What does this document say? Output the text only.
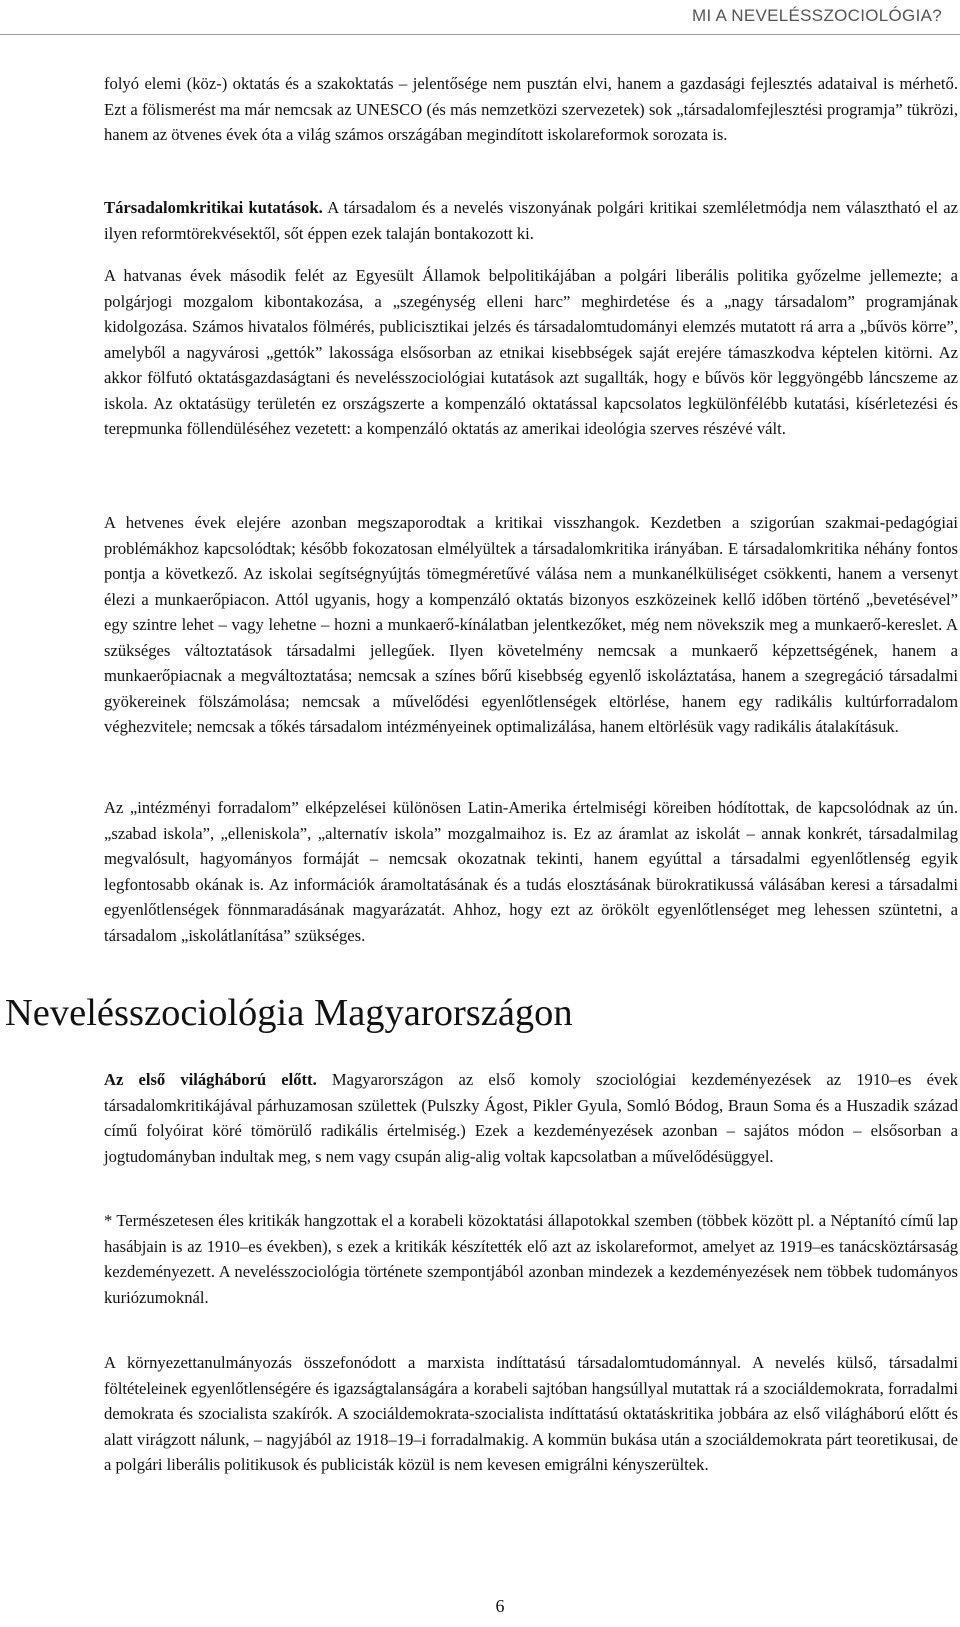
MI A NEVELÉSSZOCIOLÓGIA?

folyó elemi (köz-) oktatás és a szakoktatás – jelentősége nem pusztán elvi, hanem a gazdasági fejlesztés adataival is mérhető. Ezt a fölismerést ma már nemcsak az UNESCO (és más nemzetközi szervezetek) sok „társadalomfejlesztési programja” tükrözi, hanem az ötvenes évek óta a világ számos országában megindított iskolareformok sorozata is.

Társadalomkritikai kutatások. A társadalom és a nevelés viszonyának polgári kritikai szemléletmódja nem választható el az ilyen reformtörekvésektől, sőt éppen ezek talaján bontakozott ki.

A hatvanas évek második felét az Egyesült Államok belpolitikájában a polgári liberális politika győzelme jellemezte; a polgárjogi mozgalom kibontakozása, a „szegénység elleni harc” meghirdetése és a „nagy társadalom” programjának kidolgozása. Számos hivatalos fölmérés, publicisztikai jelzés és társadalomtudományi elemzés mutatott rá arra a „bűvös körre”, amelyből a nagyvárosi „gettók” lakossága elsősorban az etnikai kisebbségek saját erejére támaszkodva képtelen kitörni. Az akkor fölfutó oktatásgazdaságtani és nevelésszociológiai kutatások azt sugallták, hogy e bűvös kör leggyöngébb láncszeme az iskola. Az oktatásügy területén ez országszerte a kompenzáló oktatással kapcsolatos legkülönfélébb kutatási, kísérletezési és terepmunka föllendüléséhez vezetett: a kompenzáló oktatás az amerikai ideológia szerves részévé vált.

A hetvenes évek elejére azonban megszaporodtak a kritikai visszhangok. Kezdetben a szigorúan szakmai-pedagógiai problémákhoz kapcsolódtak; később fokozatosan elmélyültek a társadalomkritika irányában. E társadalomkritika néhány fontos pontja a következő. Az iskolai segítségnyújtás tömegméretűvé válása nem a munkanélküliséget csökkenti, hanem a versenyt élezi a munkaerőpiacon. Attól ugyanis, hogy a kompenzáló oktatás bizonyos eszközeinek kellő időben történő „bevetésével” egy szintre lehet – vagy lehetne – hozni a munkaerő-kínálatban jelentkezőket, még nem növekszik meg a munkaerő-kereslet. A szükséges változtatások társadalmi jellegűek. Ilyen követelmény nemcsak a munkaerő képzettségének, hanem a munkaerőpiacnak a megváltoztatása; nemcsak a színes bőrű kisebbség egyenlő iskoláztatása, hanem a szegregáció társadalmi gyökereinek fölszámolása; nemcsak a művelődési egyenlőtlenségek eltörlése, hanem egy radikális kultúrforradalom véghezvitele; nemcsak a tőkés társadalom intézményeinek optimalizálása, hanem eltörlésük vagy radikális átalakításuk.

Az „intézményi forradalom” elképzelései különösen Latin-Amerika értelmiségi köreiben hódítottak, de kapcsolódnak az ún. „szabad iskola”, „elleniskola”, „alternatív iskola” mozgalmaihoz is. Ez az áramlat az iskolát – annak konkrét, társadalmilag megvalósult, hagyományos formáját – nemcsak okozatnak tekinti, hanem egyúttal a társadalmi egyenlőtlenség egyik legfontosabb okának is. Az információk áramoltatásának és a tudás elosztásának bürokratikussá válásában keresi a társadalmi egyenlőtlenségek fönnmaradásának magyarázatát. Ahhoz, hogy ezt az örökölt egyenlőtlenséget meg lehessen szüntetni, a társadalom „iskolátlanítása” szükséges.

Nevelésszociológia Magyarországon

Az első világháború előtt. Magyarországon az első komoly szociológiai kezdeményezések az 1910–es évek társadalomkritikájával párhuzamosan születtek (Pulszky Ágost, Pikler Gyula, Somló Bódog, Braun Soma és a Huszadik század című folyóirat köré tömörülő radikális értelmiség.) Ezek a kezdeményezések azonban – sajátos módon – elsősorban a jogtudományban indultak meg, s nem vagy csupán alig-alig voltak kapcsolatban a művelődésüggyel.

* Természetesen éles kritikák hangzottak el a korabeli közoktatási állapotokkal szemben (többek között pl. a Néptanító című lap hasábjain is az 1910–es években), s ezek a kritikák készítették elő azt az iskolareformot, amelyet az 1919–es tanácsköztársaság kezdeményezett. A nevelésszociológia története szempontjából azonban mindezek a kezdeményezések nem többek tudományos kuriózumoknál.

A környezettanulmányozás összefonódott a marxista indíttatású társadalomtudománnyal. A nevelés külső, társadalmi föltételeinek egyenlőtlenségére és igazságtalanságára a korabeli sajtóban hangsúllyal mutattak rá a szociáldemokrata, forradalmi demokrata és szocialista szakírók. A szociáldemokrata-szocialista indíttatású oktatáskritika jobbára az első világháború előtt és alatt virágzott nálunk, – nagyjából az 1918–19–i forradalmakig. A kommün bukása után a szociáldemokrata párt teoretikusai, de a polgári liberális politikusok és publicisták közül is nem kevesen emigrálni kényszerültek.

6
